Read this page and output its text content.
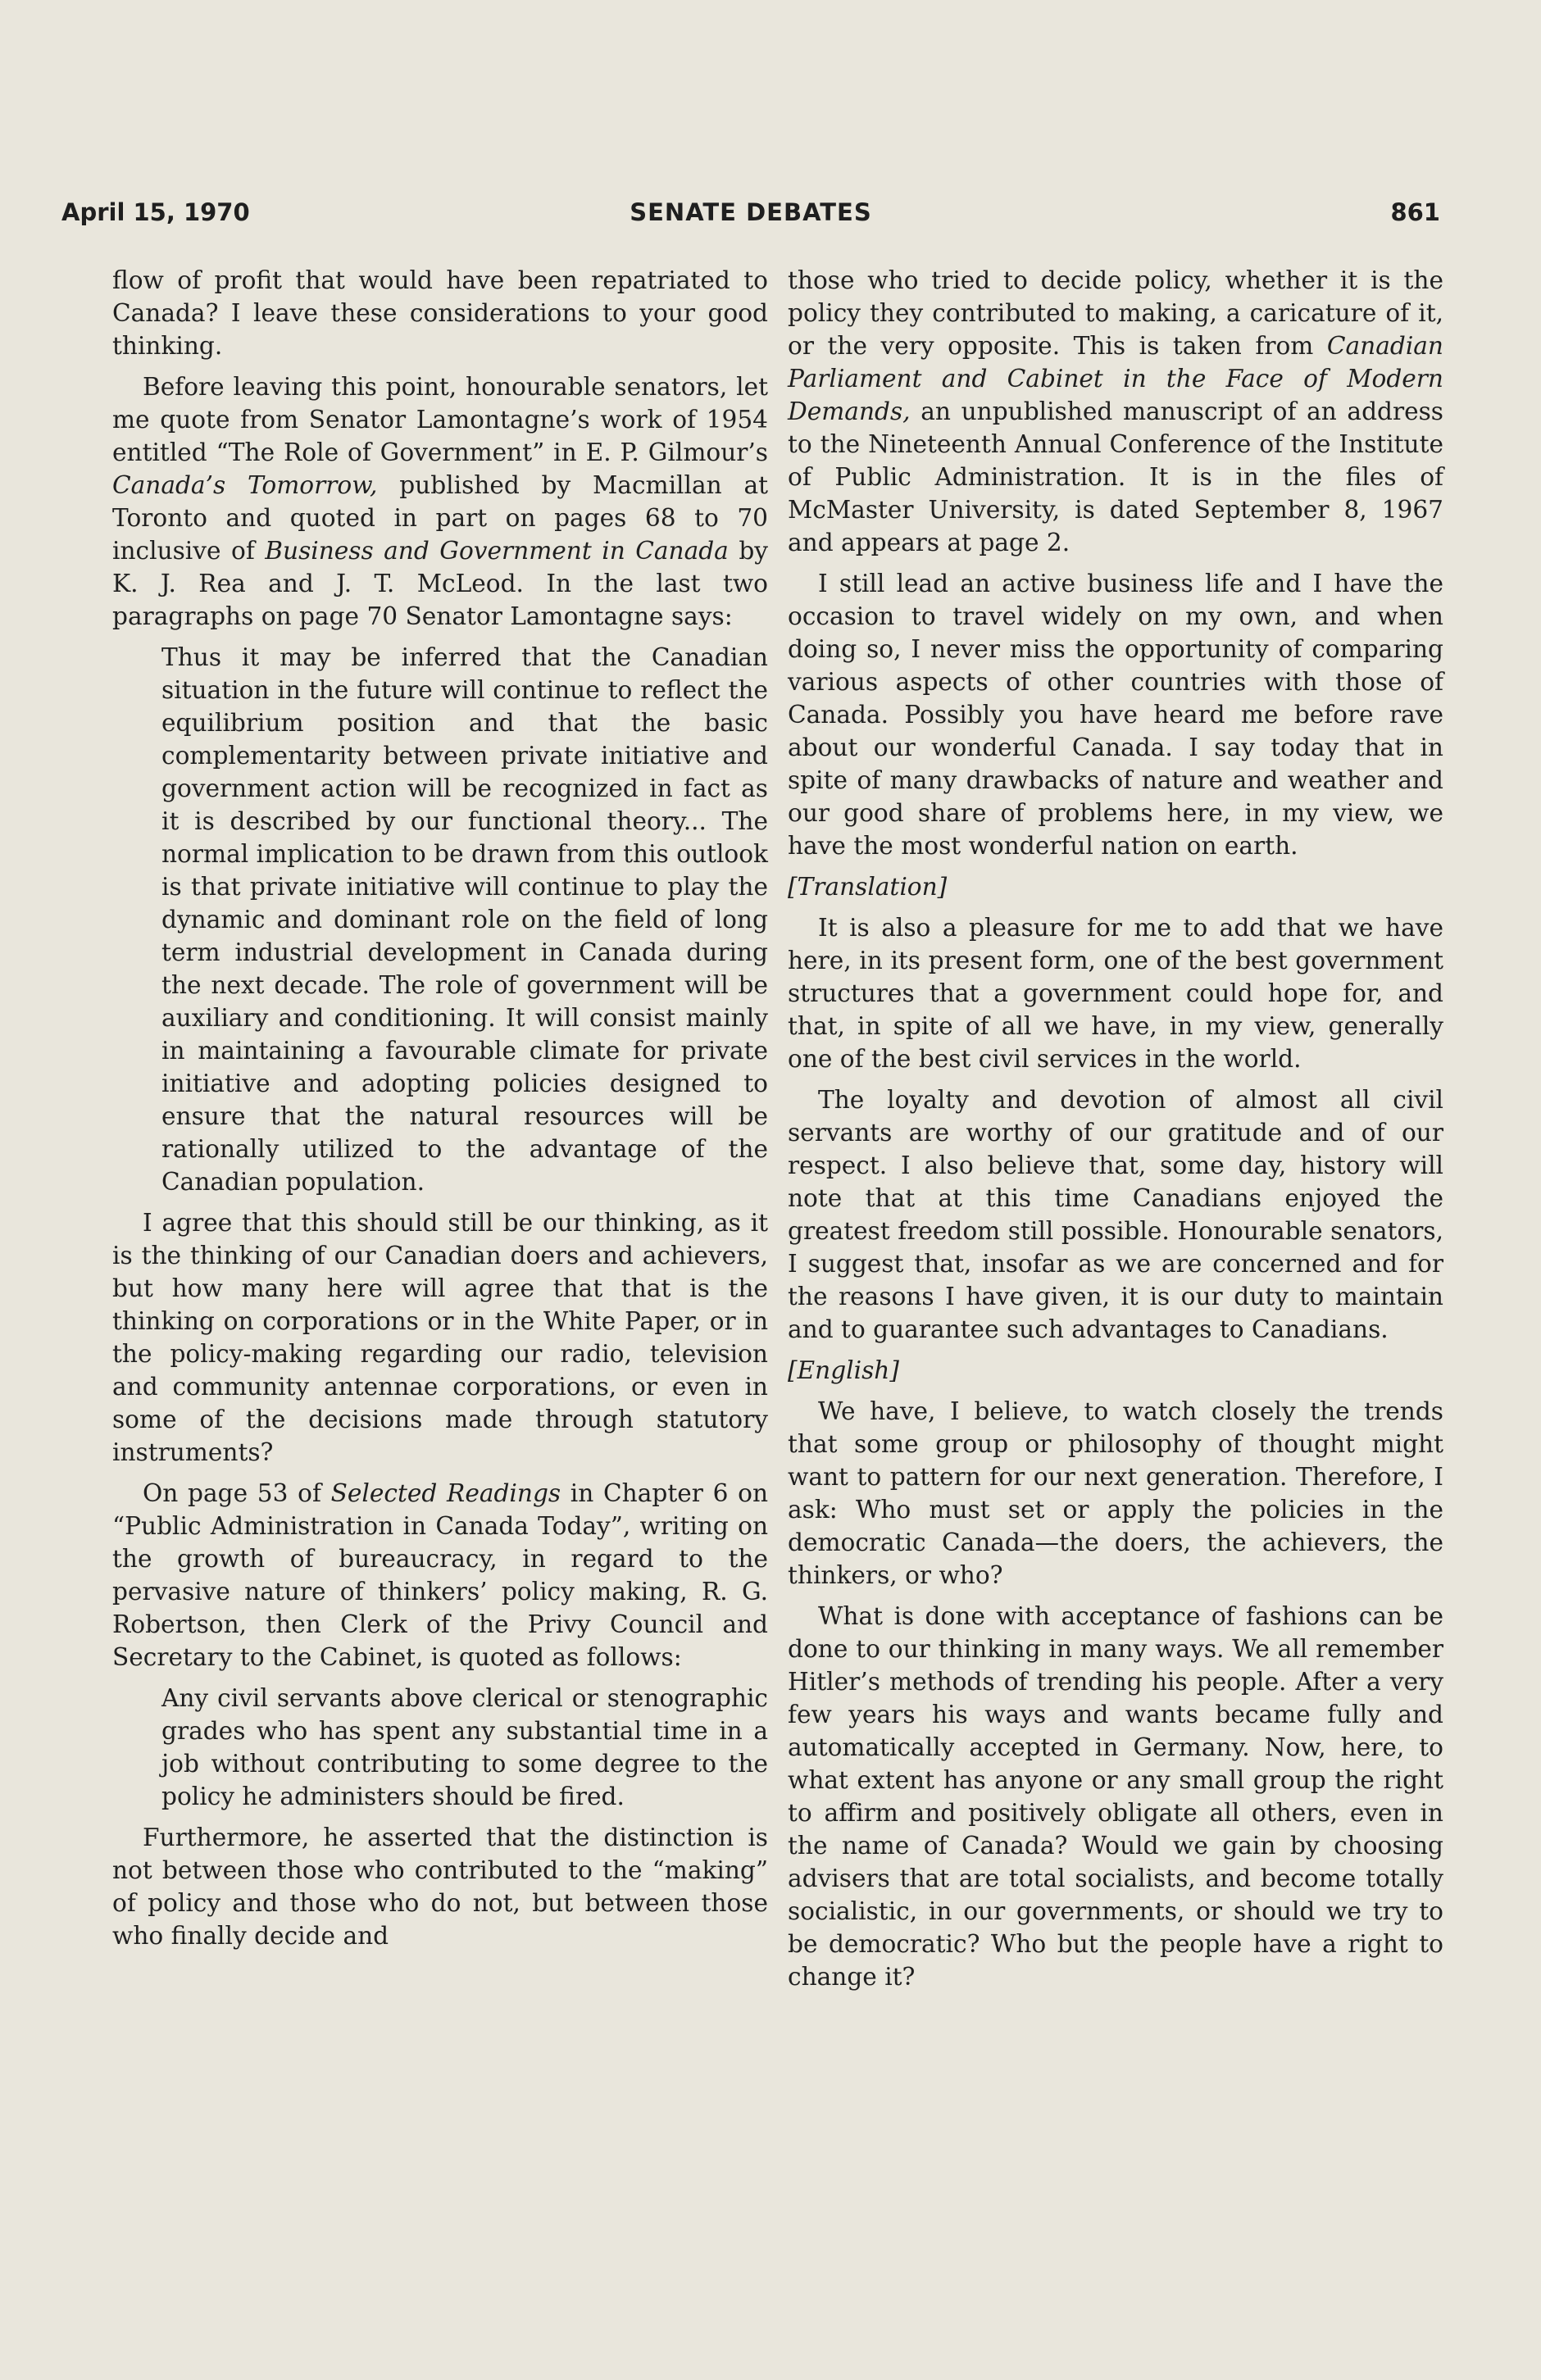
April 15, 1970	SENATE DEBATES	861

flow of profit that would have been repatriated to Canada? I leave these considerations to your good thinking.

Before leaving this point, honourable senators, let me quote from Senator Lamontagne’s work of 1954 entitled “The Role of Government” in E. P. Gilmour’s Canada’s Tomorrow, published by Macmillan at Toronto and quoted in part on pages 68 to 70 inclusive of Business and Government in Canada by K. J. Rea and J. T. McLeod. In the last two paragraphs on page 70 Senator Lamontagne says:

Thus it may be inferred that the Canadian situation in the future will continue to reflect the equilibrium position and that the basic complementarity between private initiative and government action will be recognized in fact as it is described by our functional theory... The normal implication to be drawn from this outlook is that private initiative will continue to play the dynamic and dominant role on the field of long term industrial development in Canada during the next decade. The role of government will be auxiliary and conditioning. It will consist mainly in maintaining a favourable climate for private initiative and adopting policies designed to ensure that the natural resources will be rationally utilized to the advantage of the Canadian population.

I agree that this should still be our thinking, as it is the thinking of our Canadian doers and achievers, but how many here will agree that that is the thinking on corporations or in the White Paper, or in the policy-making regarding our radio, television and community antennae corporations, or even in some of the decisions made through statutory instruments?

On page 53 of Selected Readings in Chapter 6 on “Public Administration in Canada Today”, writing on the growth of bureaucracy, in regard to the pervasive nature of thinkers’ policy making, R. G. Robertson, then Clerk of the Privy Council and Secretary to the Cabinet, is quoted as follows:

Any civil servants above clerical or stenographic grades who has spent any substantial time in a job without contributing to some degree to the policy he administers should be fired.

Furthermore, he asserted that the distinction is not between those who contributed to the “making” of policy and those who do not, but between those who finally decide and

those who tried to decide policy, whether it is the policy they contributed to making, a caricature of it, or the very opposite. This is taken from Canadian Parliament and Cabinet in the Face of Modern Demands, an unpublished manuscript of an address to the Nineteenth Annual Conference of the Institute of Public Administration. It is in the files of McMaster University, is dated September 8, 1967 and appears at page 2.

I still lead an active business life and I have the occasion to travel widely on my own, and when doing so, I never miss the opportunity of comparing various aspects of other countries with those of Canada. Possibly you have heard me before rave about our wonderful Canada. I say today that in spite of many drawbacks of nature and weather and our good share of problems here, in my view, we have the most wonderful nation on earth.

[Translation]

It is also a pleasure for me to add that we have here, in its present form, one of the best government structures that a government could hope for, and that, in spite of all we have, in my view, generally one of the best civil services in the world.

The loyalty and devotion of almost all civil servants are worthy of our gratitude and of our respect. I also believe that, some day, history will note that at this time Canadians enjoyed the greatest freedom still possible. Honourable senators, I suggest that, insofar as we are concerned and for the reasons I have given, it is our duty to maintain and to guarantee such advantages to Canadians.

[English]

We have, I believe, to watch closely the trends that some group or philosophy of thought might want to pattern for our next generation. Therefore, I ask: Who must set or apply the policies in the democratic Canada—the doers, the achievers, the thinkers, or who?

What is done with acceptance of fashions can be done to our thinking in many ways. We all remember Hitler’s methods of trending his people. After a very few years his ways and wants became fully and automatically accepted in Germany. Now, here, to what extent has anyone or any small group the right to affirm and positively obligate all others, even in the name of Canada? Would we gain by choosing advisers that are total socialists, and become totally socialistic, in our governments, or should we try to be democratic? Who but the people have a right to change it?
